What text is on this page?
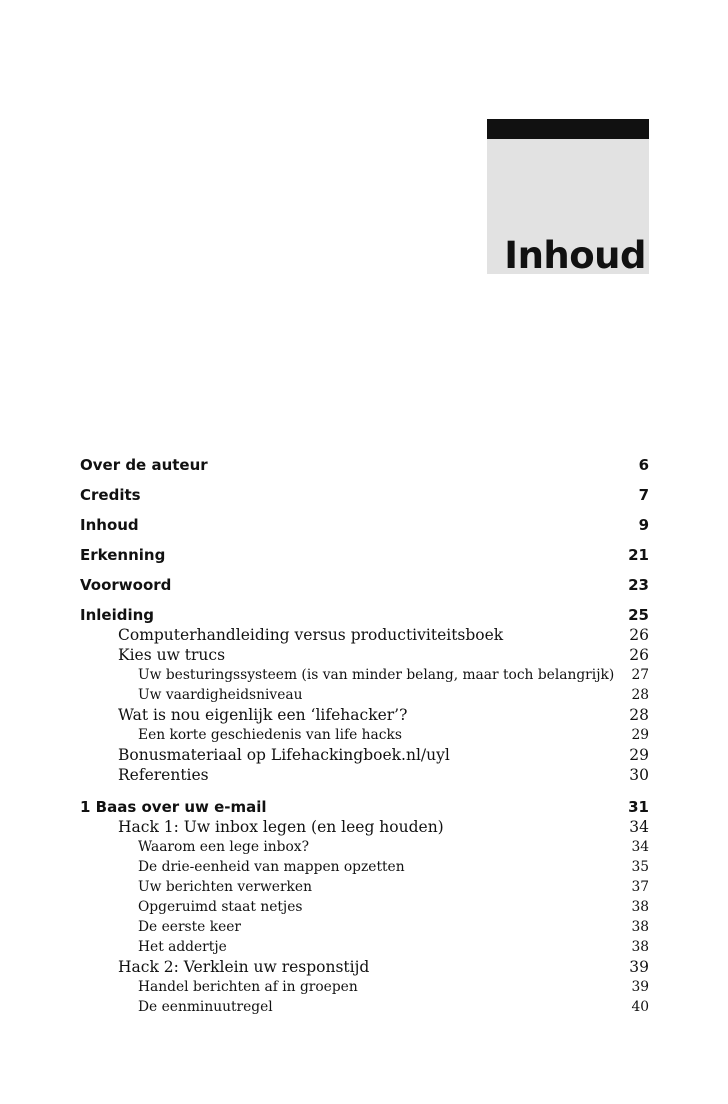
Inhoud
Over de auteur	6
Credits	7
Inhoud	9
Erkenning	21
Voorwoord	23
Inleiding	25
Computerhandleiding versus productiviteitsboek	26
Kies uw trucs	26
Uw besturingssysteem (is van minder belang, maar toch belangrijk) 27
Uw vaardigheidsniveau	28
Wat is nou eigenlijk een ‘lifehacker’?	28
Een korte geschiedenis van life hacks	29
Bonusmateriaal op Lifehackingboek.nl/uyl	29
Referenties	30
1 Baas over uw e-mail	31
Hack 1: Uw inbox legen (en leeg houden)	34
Waarom een lege inbox?	34
De drie-eenheid van mappen opzetten	35
Uw berichten verwerken	37
Opgeruimd staat netjes	38
De eerste keer	38
Het addertje	38
Hack 2: Verklein uw responstijd	39
Handel berichten af in groepen	39
De eenminuutregel	40
